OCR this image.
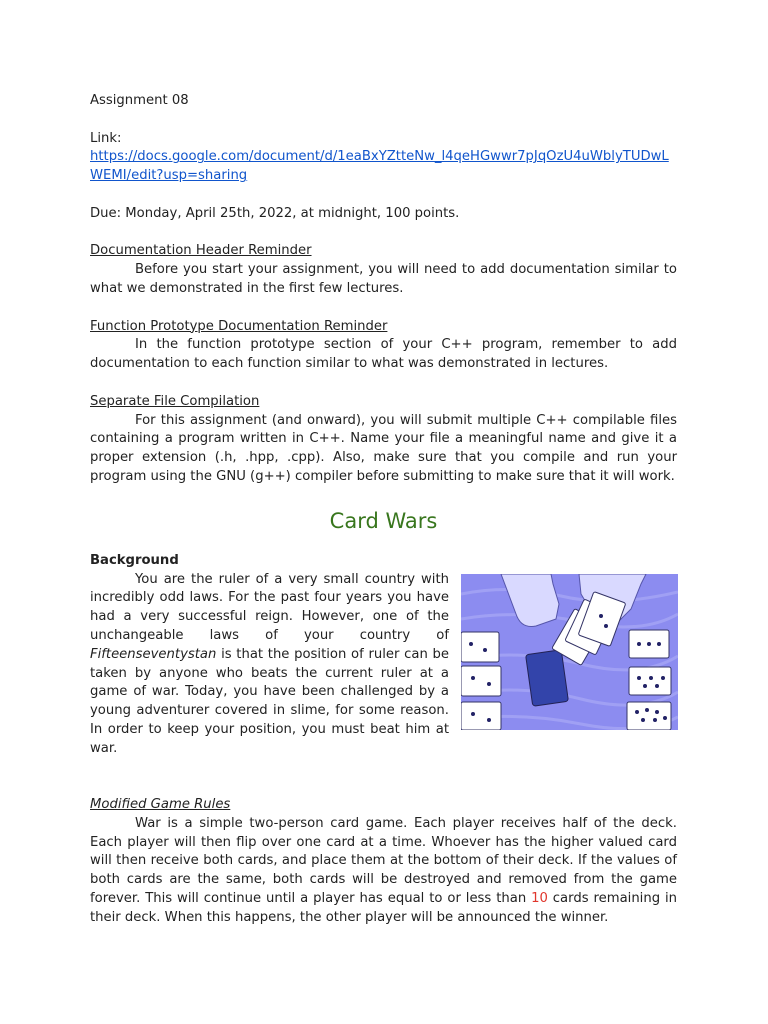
Assignment 08

Link:

https://docs.google.com/document/d/1eaBxYZtteNw_l4qeHGwwr7pJqOzU4uWblyTUDwLWEMI/edit?usp=sharing

Due: Monday, April 25th, 2022, at midnight, 100 points.

Documentation Header Reminder

Before you start your assignment, you will need to add documentation similar to what we demonstrated in the first few lectures.

Function Prototype Documentation Reminder

In the function prototype section of your C++ program, remember to add documentation to each function similar to what was demonstrated in lectures.

Separate File Compilation

For this assignment (and onward), you will submit multiple C++ compilable files containing a program written in C++. Name your file a meaningful name and give it a proper extension (.h, .hpp, .cpp). Also, make sure that you compile and run your program using the GNU (g++) compiler before submitting to make sure that it will work.

Card Wars

Background

You are the ruler of a very small country with incredibly odd laws. For the past four years you have had a very successful reign. However, one of the unchangeable laws of your country of Fifteenseventystan is that the position of ruler can be taken by anyone who beats the current ruler at a game of war. Today, you have been challenged by a young adventurer covered in slime, for some reason. In order to keep your position, you must beat him at war.

Modified Game Rules

War is a simple two-person card game. Each player receives half of the deck. Each player will then flip over one card at a time. Whoever has the higher valued card will then receive both cards, and place them at the bottom of their deck. If the values of both cards are the same, both cards will be destroyed and removed from the game forever. This will continue until a player has equal to or less than 10 cards remaining in their deck. When this happens, the other player will be announced the winner.
